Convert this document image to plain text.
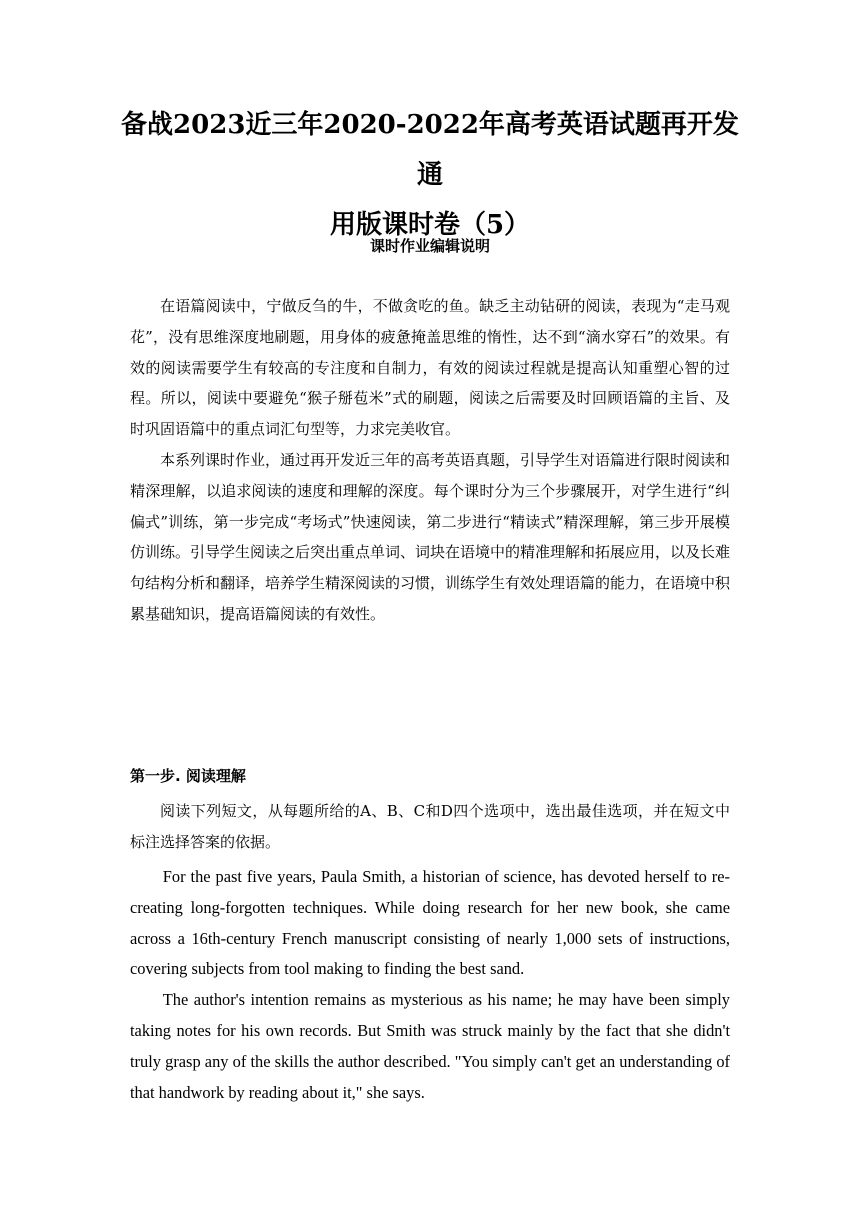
备战2023近三年2020-2022年高考英语试题再开发通
用版课时卷（5）
课时作业编辑说明

在语篇阅读中，宁做反刍的牛，不做贪吃的鱼。缺乏主动钻研的阅读，表现为“走马观花”，没有思维深度地刷题，用身体的疲惫掩盖思维的惰性，达不到“滴水穿石”的效果。有效的阅读需要学生有较高的专注度和自制力，有效的阅读过程就是提高认知重塑心智的过程。所以，阅读中要避免“猴子掰苞米”式的刷题，阅读之后需要及时回顾语篇的主旨、及时巩固语篇中的重点词汇句型等，力求完美收官。

本系列课时作业，通过再开发近三年的高考英语真题，引导学生对语篇进行限时阅读和精深理解，以追求阅读的速度和理解的深度。每个课时分为三个步骤展开，对学生进行“纠偏式”训练，第一步完成“考场式”快速阅读，第二步进行“精读式”精深理解，第三步开展模仿训练。引导学生阅读之后突出重点单词、词块在语境中的精准理解和拓展应用，以及长难句结构分析和翻译，培养学生精深阅读的习惯，训练学生有效处理语篇的能力，在语境中积累基础知识，提高语篇阅读的有效性。

第一步. 阅读理解

阅读下列短文，从每题所给的A、B、C和D四个选项中，选出最佳选项，并在短文中标注选择答案的依据。

For the past five years, Paula Smith, a historian of science, has devoted herself to re-creating long-forgotten techniques. While doing research for her new book, she came across a 16th-century French manuscript consisting of nearly 1,000 sets of instructions, covering subjects from tool making to finding the best sand.

The author's intention remains as mysterious as his name; he may have been simply taking notes for his own records. But Smith was struck mainly by the fact that she didn't truly grasp any of the skills the author described. "You simply can't get an understanding of that handwork by reading about it," she says.
